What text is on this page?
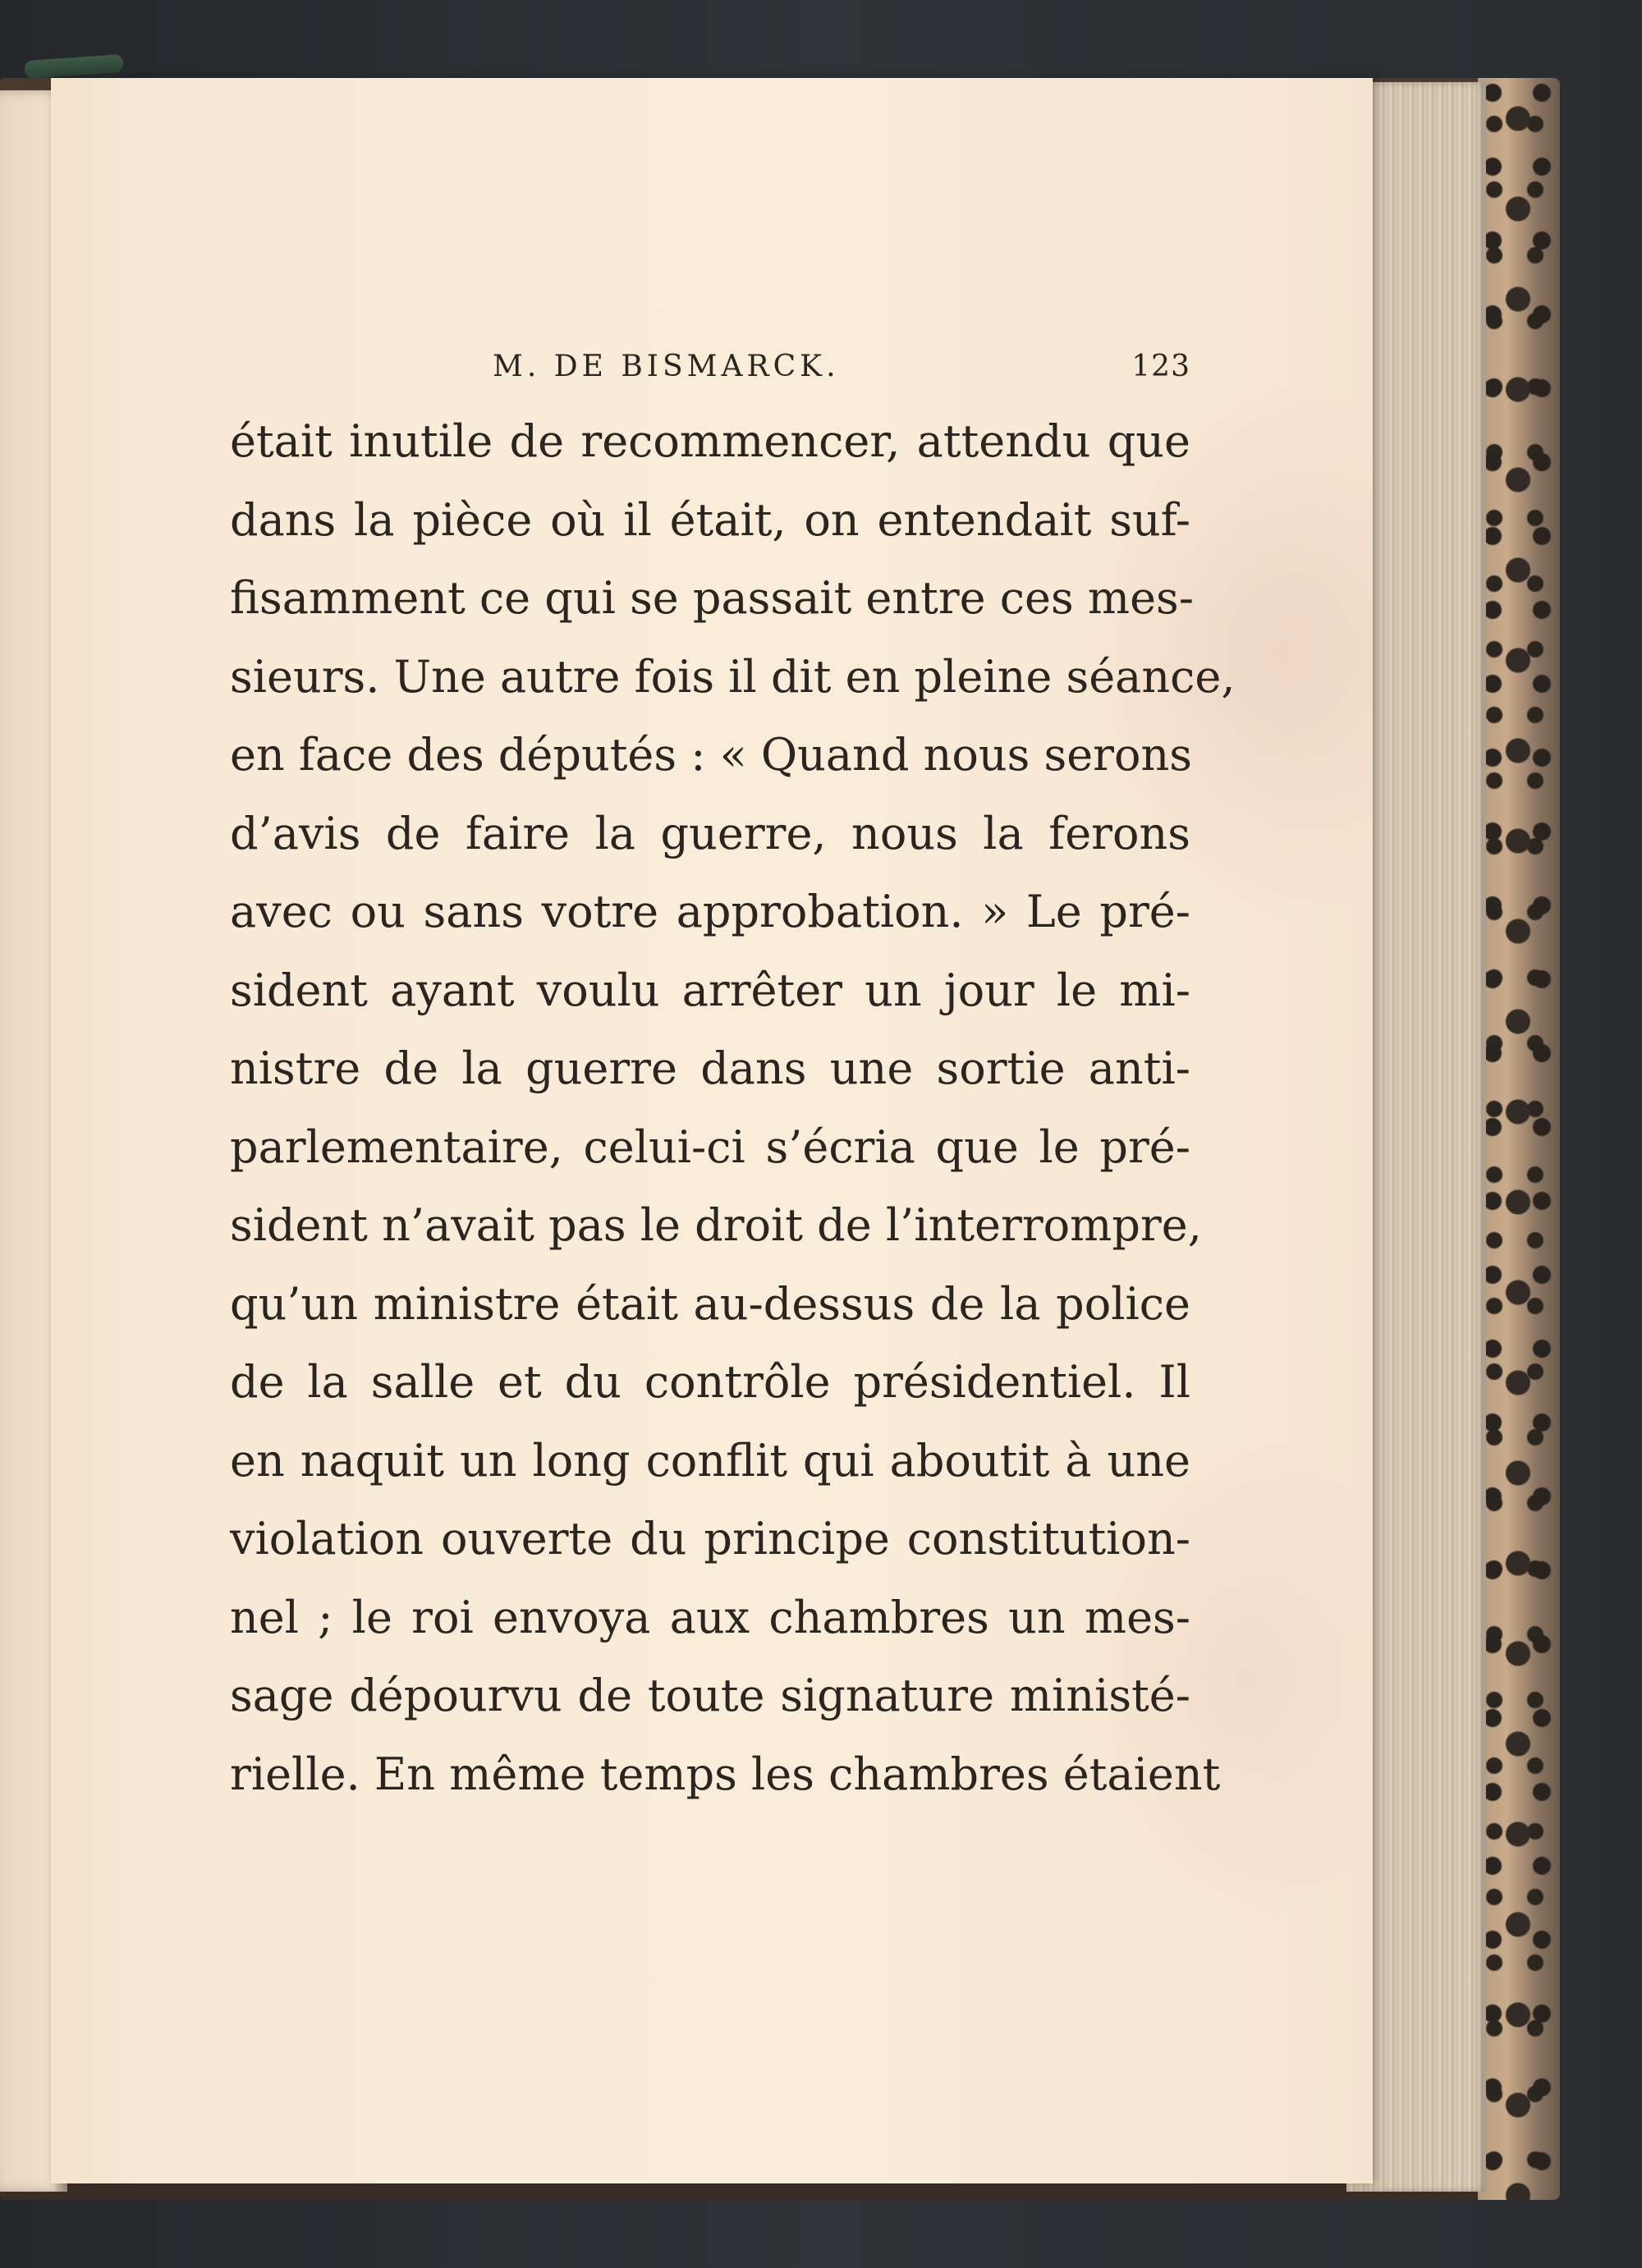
M. DE BISMARCK.	123
était inutile de recommencer, attendu que
dans la pièce où il était, on entendait suf-
fisamment ce qui se passait entre ces mes-
sieurs. Une autre fois il dit en pleine séance,
en face des députés : « Quand nous serons
d’avis de faire la guerre, nous la ferons
avec ou sans votre approbation. » Le pré-
sident ayant voulu arrêter un jour le mi-
nistre de la guerre dans une sortie anti-
parlementaire, celui-ci s’écria que le pré-
sident n’avait pas le droit de l’interrompre,
qu’un ministre était au-dessus de la police
de la salle et du contrôle présidentiel. Il
en naquit un long conflit qui aboutit à une
violation ouverte du principe constitution-
nel ; le roi envoya aux chambres un mes-
sage dépourvu de toute signature ministé-
rielle. En même temps les chambres étaient
